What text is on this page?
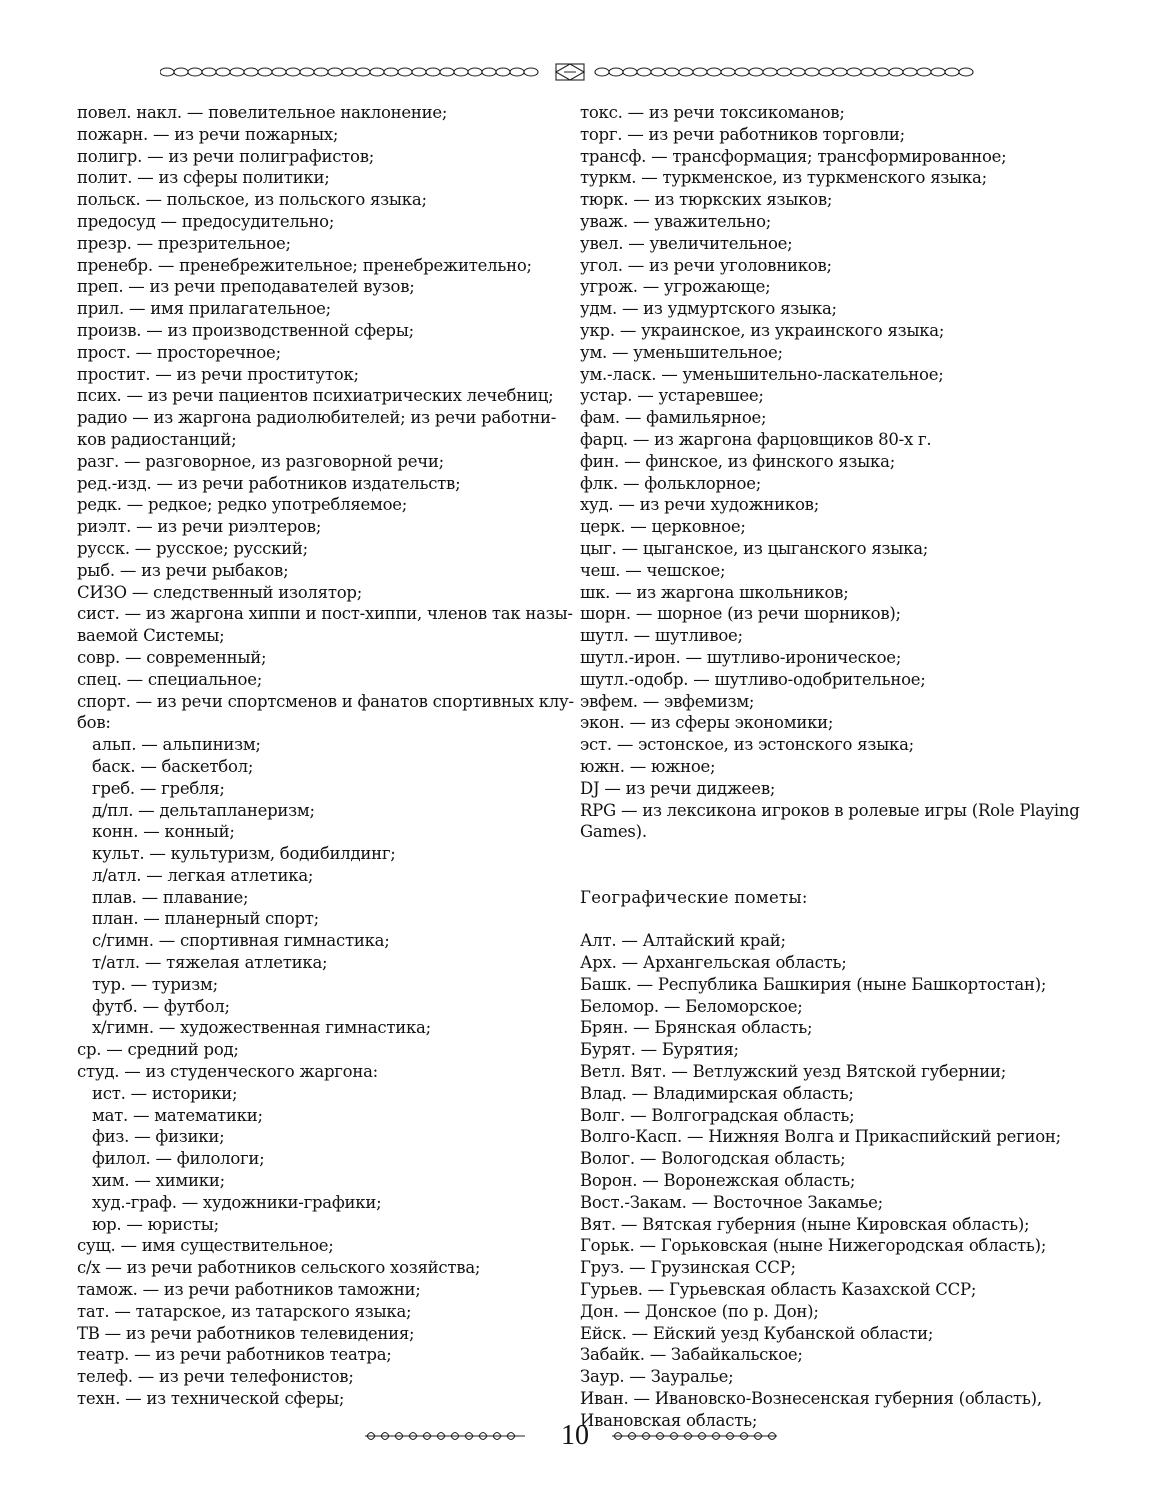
повел. накл. — повелительное наклонение;
пожарн. — из речи пожарных;
полигр. — из речи полиграфистов;
полит. — из сферы политики;
польск. — польское, из польского языка;
предосуд — предосудительно;
презр. — презрительное;
пренебр. — пренебрежительное; пренебрежительно;
преп. — из речи преподавателей вузов;
прил. — имя прилагательное;
произв. — из производственной сферы;
прост. — просторечное;
простит. — из речи проституток;
псих. — из речи пациентов психиатрических лечебниц;
радио — из жаргона радиолюбителей; из речи работни-
ков радиостанций;
разг. — разговорное, из разговорной речи;
ред.-изд. — из речи работников издательств;
редк. — редкое; редко употребляемое;
риэлт. — из речи риэлтеров;
русск. — русское; русский;
рыб. — из речи рыбаков;
СИЗО — следственный изолятор;
сист. — из жаргона хиппи и пост-хиппи, членов так назы-
ваемой Системы;
совр. — современный;
спец. — специальное;
спорт. — из речи спортсменов и фанатов спортивных клу-
бов:
альп. — альпинизм;
баск. — баскетбол;
греб. — гребля;
д/пл. — дельтапланеризм;
конн. — конный;
культ. — культуризм, бодибилдинг;
л/атл. — легкая атлетика;
плав. — плавание;
план. — планерный спорт;
с/гимн. — спортивная гимнастика;
т/атл. — тяжелая атлетика;
тур. — туризм;
футб. — футбол;
х/гимн. — художественная гимнастика;
ср. — средний род;
студ. — из студенческого жаргона:
ист. — историки;
мат. — математики;
физ. — физики;
филол. — филологи;
хим. — химики;
худ.-граф. — художники-графики;
юр. — юристы;
сущ. — имя существительное;
с/х — из речи работников сельского хозяйства;
тамож. — из речи работников таможни;
тат. — татарское, из татарского языка;
ТВ — из речи работников телевидения;
театр. — из речи работников театра;
телеф. — из речи телефонистов;
техн. — из технической сферы;
токс. — из речи токсикоманов;
торг. — из речи работников торговли;
трансф. — трансформация; трансформированное;
туркм. — туркменское, из туркменского языка;
тюрк. — из тюркских языков;
уваж. — уважительно;
увел. — увеличительное;
угол. — из речи уголовников;
угрож. — угрожающе;
удм. — из удмуртского языка;
укр. — украинское, из украинского языка;
ум. — уменьшительное;
ум.-ласк. — уменьшительно-ласкательное;
устар. — устаревшее;
фам. — фамильярное;
фарц. — из жаргона фарцовщиков 80-х г.
фин. — финское, из финского языка;
флк. — фольклорное;
худ. — из речи художников;
церк. — церковное;
цыг. — цыганское, из цыганского языка;
чеш. — чешское;
шк. — из жаргона школьников;
шорн. — шорное (из речи шорников);
шутл. — шутливое;
шутл.-ирон. — шутливо-ироническое;
шутл.-одобр. — шутливо-одобрительное;
эвфем. — эвфемизм;
экон. — из сферы экономики;
эст. — эстонское, из эстонского языка;
южн. — южное;
DJ — из речи диджеев;
RPG — из лексикона игроков в ролевые игры (Role Playing
Games).
Географические пометы:
Алт. — Алтайский край;
Арх. — Архангельская область;
Башк. — Республика Башкирия (ныне Башкортостан);
Беломор. — Беломорское;
Брян. — Брянская область;
Бурят. — Бурятия;
Ветл. Вят. — Ветлужский уезд Вятской губернии;
Влад. — Владимирская область;
Волг. — Волгоградская область;
Волго-Касп. — Нижняя Волга и Прикаспийский регион;
Волог. — Вологодская область;
Ворон. — Воронежская область;
Вост.-Закам. — Восточное Закамье;
Вят. — Вятская губерния (ныне Кировская область);
Горьк. — Горьковская (ныне Нижегородская область);
Груз. — Грузинская ССР;
Гурьев. — Гурьевская область Казахской ССР;
Дон. — Донское (по р. Дон);
Ейск. — Ейский уезд Кубанской области;
Забайк. — Забайкальское;
Заур. — Зауралье;
Иван. — Ивановско-Вознесенская губерния (область),
Ивановская область;
10
